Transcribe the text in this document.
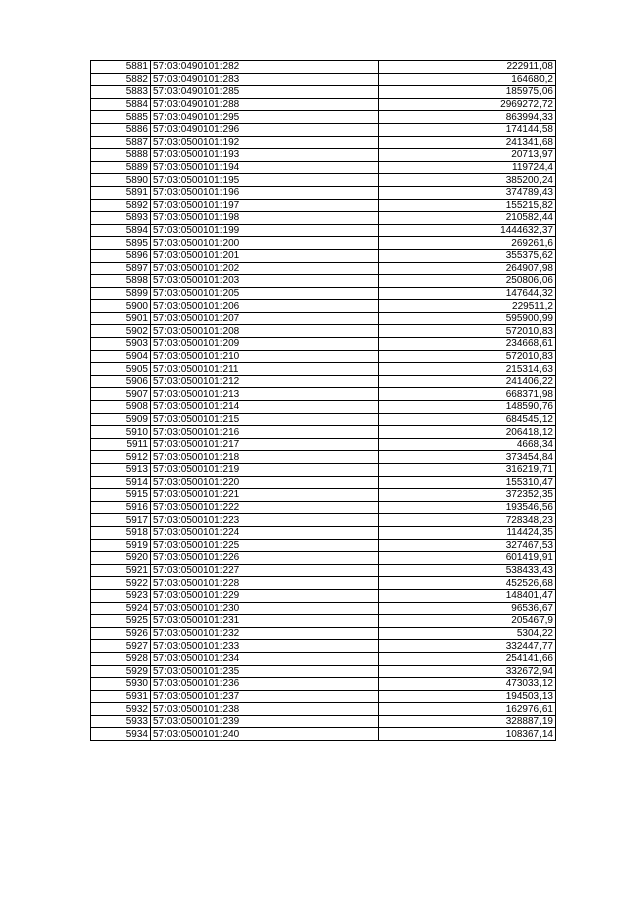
5881	57:03:0490101:282	222911,08
5882	57:03:0490101:283	164680,2
5883	57:03:0490101:285	185975,06
5884	57:03:0490101:288	2969272,72
5885	57:03:0490101:295	863994,33
5886	57:03:0490101:296	174144,58
5887	57:03:0500101:192	241341,68
5888	57:03:0500101:193	20713,97
5889	57:03:0500101:194	119724,4
5890	57:03:0500101:195	385200,24
5891	57:03:0500101:196	374789,43
5892	57:03:0500101:197	155215,82
5893	57:03:0500101:198	210582,44
5894	57:03:0500101:199	1444632,37
5895	57:03:0500101:200	269261,6
5896	57:03:0500101:201	355375,62
5897	57:03:0500101:202	264907,98
5898	57:03:0500101:203	250806,06
5899	57:03:0500101:205	147644,32
5900	57:03:0500101:206	229511,2
5901	57:03:0500101:207	595900,99
5902	57:03:0500101:208	572010,83
5903	57:03:0500101:209	234668,61
5904	57:03:0500101:210	572010,83
5905	57:03:0500101:211	215314,63
5906	57:03:0500101:212	241406,22
5907	57:03:0500101:213	668371,98
5908	57:03:0500101:214	148590,76
5909	57:03:0500101:215	684545,12
5910	57:03:0500101:216	206418,12
5911	57:03:0500101:217	4668,34
5912	57:03:0500101:218	373454,84
5913	57:03:0500101:219	316219,71
5914	57:03:0500101:220	155310,47
5915	57:03:0500101:221	372352,35
5916	57:03:0500101:222	193546,56
5917	57:03:0500101:223	728348,23
5918	57:03:0500101:224	114424,35
5919	57:03:0500101:225	327467,53
5920	57:03:0500101:226	601419,91
5921	57:03:0500101:227	538433,43
5922	57:03:0500101:228	452526,68
5923	57:03:0500101:229	148401,47
5924	57:03:0500101:230	96536,67
5925	57:03:0500101:231	205467,9
5926	57:03:0500101:232	5304,22
5927	57:03:0500101:233	332447,77
5928	57:03:0500101:234	254141,66
5929	57:03:0500101:235	332672,94
5930	57:03:0500101:236	473033,12
5931	57:03:0500101:237	194503,13
5932	57:03:0500101:238	162976,61
5933	57:03:0500101:239	328887,19
5934	57:03:0500101:240	108367,14
